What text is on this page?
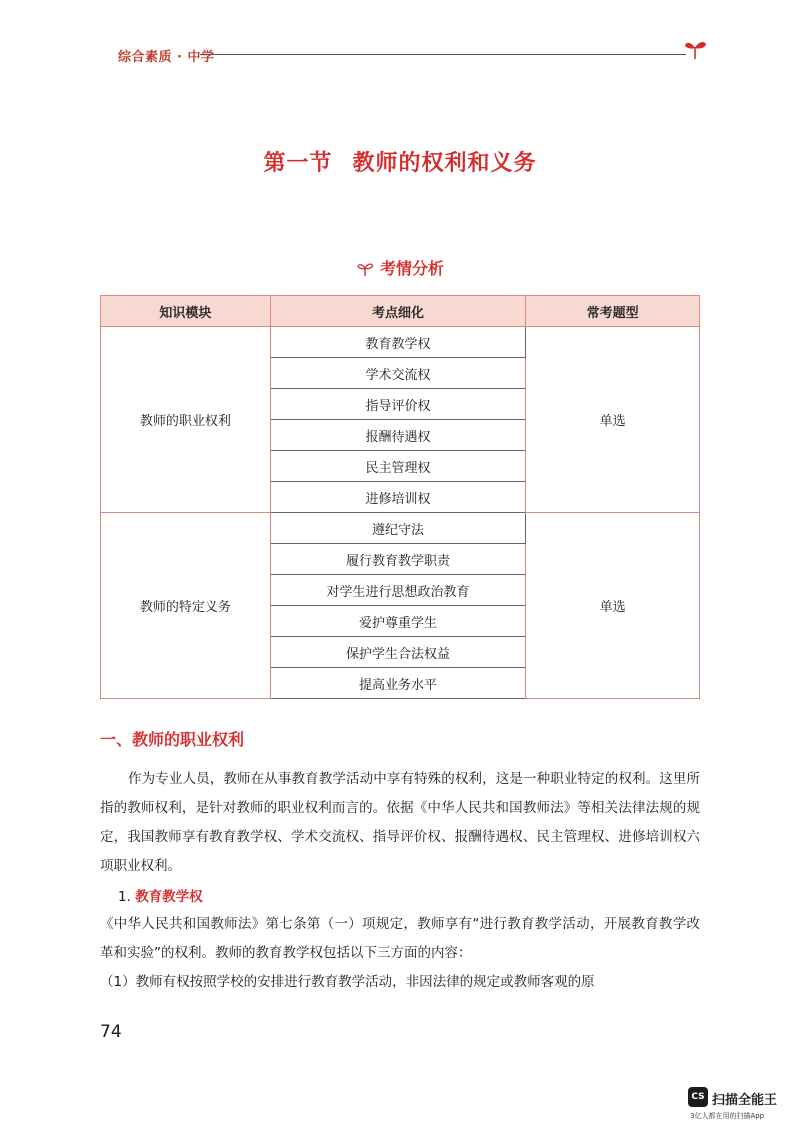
综合素质 · 中学
第一节 教师的权利和义务
考情分析
知识模块	考点细化	常考题型
教师的职业权利	教育教学权	单选
	学术交流权	
	指导评价权	
	报酬待遇权	
	民主管理权	
	进修培训权	
教师的特定义务	遵纪守法	单选
	履行教育教学职责	
	对学生进行思想政治教育	
	爱护尊重学生	
	保护学生合法权益	
	提高业务水平	
一、教师的职业权利
作为专业人员，教师在从事教育教学活动中享有特殊的权利，这是一种职业特定的权利。这里所指的教师权利，是针对教师的职业权利而言的。依据《中华人民共和国教师法》等相关法律法规的规定，我国教师享有教育教学权、学术交流权、指导评价权、报酬待遇权、民主管理权、进修培训权六项职业权利。
1. 教育教学权
《中华人民共和国教师法》第七条第（一）项规定，教师享有“进行教育教学活动，开展教育教学改革和实验”的权利。教师的教育教学权包括以下三方面的内容：
（1）教师有权按照学校的安排进行教育教学活动，非因法律的规定或教师客观的原
74
CS 扫描全能王
3亿人都在用的扫描App
